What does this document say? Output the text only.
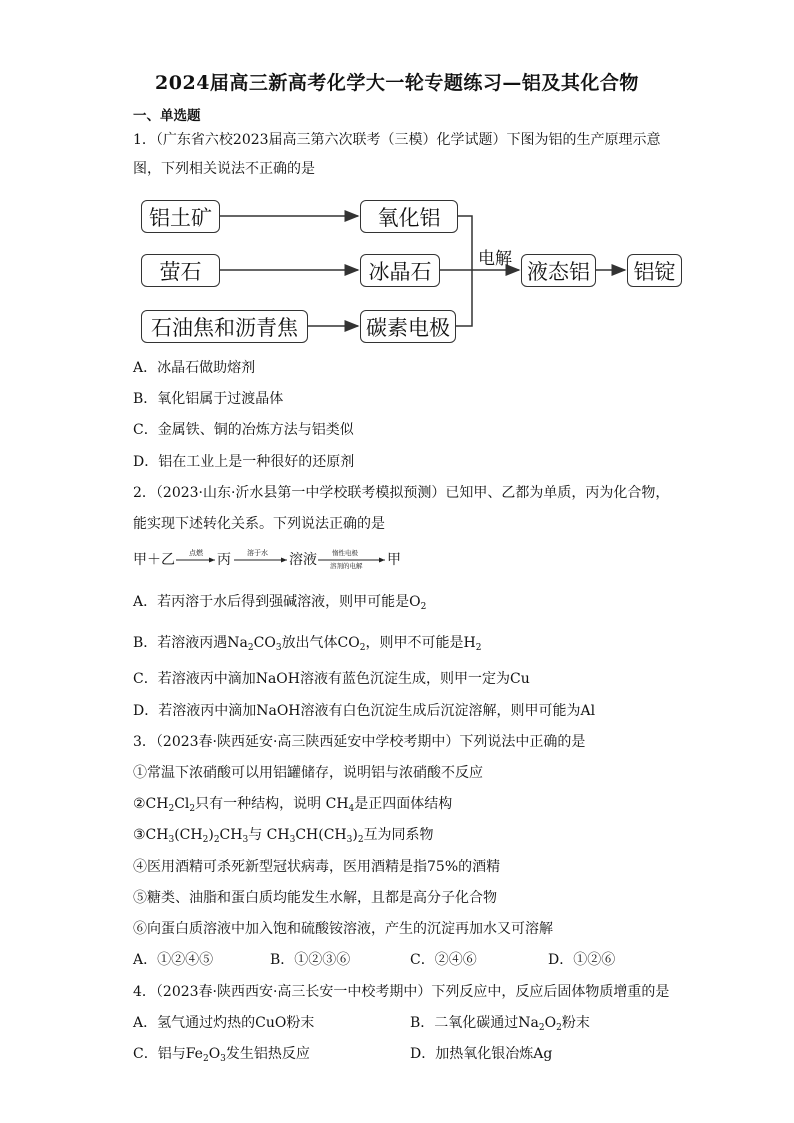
2024届高三新高考化学大一轮专题练习—铝及其化合物
一、单选题
1．（广东省六校2023届高三第六次联考（三模）化学试题）下图为铝的生产原理示意
图，下列相关说法不正确的是
铝土矿
萤石
石油焦和沥青焦
氧化铝
冰晶石
碳素电极
液态铝	铝锭
电解
A．冰晶石做助熔剂
B．氧化铝属于过渡晶体
C．金属铁、铜的冶炼方法与铝类似
D．铝在工业上是一种很好的还原剂
2．（2023·山东·沂水县第一中学校联考模拟预测）已知甲、乙都为单质，丙为化合物，
能实现下述转化关系。下列说法正确的是
甲＋乙 点燃 丙 溶于水 溶液 惰性电极
溶剂的电解 甲
A．若丙溶于水后得到强碱溶液，则甲可能是$O_2$
B．若溶液丙遇$Na_2CO_3$放出气体$CO_2$，则甲不可能是$H_2$
C．若溶液丙中滴加NaOH溶液有蓝色沉淀生成，则甲一定为Cu
D．若溶液丙中滴加NaOH溶液有白色沉淀生成后沉淀溶解，则甲可能为Al
3．（2023春·陕西延安·高三陕西延安中学校考期中）下列说法中正确的是
①常温下浓硝酸可以用铝罐储存，说明铝与浓硝酸不反应
$②CH_2Cl_2$只有一种结构，说明 $CH_4$是正四面体结构
$③CH_3(CH_2)_2CH_3$与 $CH_3CH(CH_3)_2$互为同系物
④医用酒精可杀死新型冠状病毒，医用酒精是指75%的酒精
⑤糖类、油脂和蛋白质均能发生水解，且都是高分子化合物
⑥向蛋白质溶液中加入饱和硫酸铵溶液，产生的沉淀再加水又可溶解
A．①②④⑤	B．①②③⑥	C．②④⑥	D．①②⑥
4．（2023春·陕西西安·高三长安一中校考期中）下列反应中，反应后固体物质增重的是
A．氢气通过灼热的CuO粉末	B．二氧化碳通过$Na_2O_2$粉末
C．铝与$Fe_2O_3$发生铝热反应	D．加热氧化银冶炼Ag
